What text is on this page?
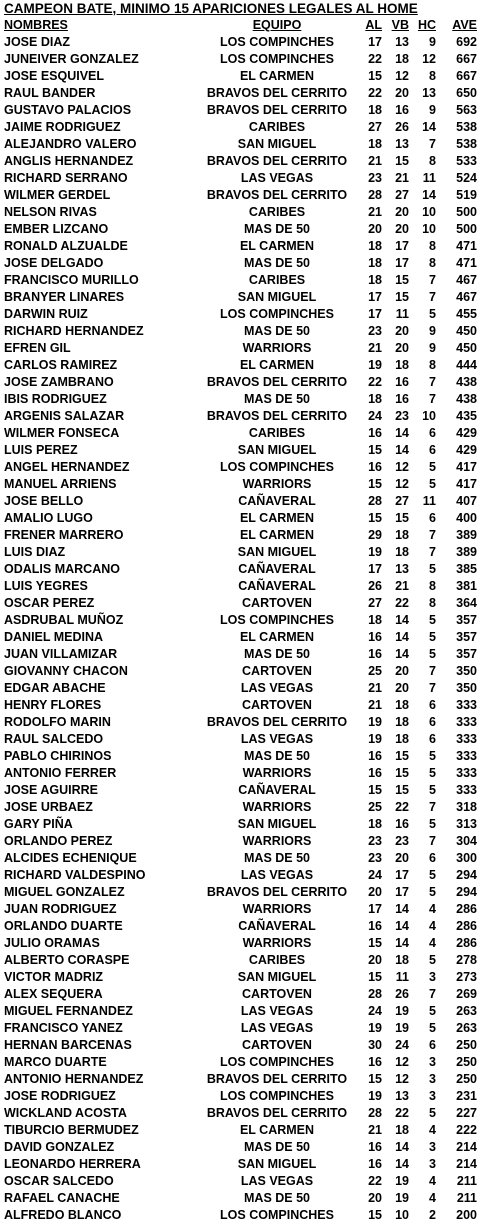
CAMPEON BATE, MINIMO 15 APARICIONES LEGALES AL HOME
NOMBRES	EQUIPO	AL	VB	HC	AVE
JOSE DIAZ	LOS COMPINCHES	17	13	9	692
JUNEIVER GONZALEZ	LOS COMPINCHES	22	18	12	667
JOSE ESQUIVEL	EL CARMEN	15	12	8	667
RAUL BANDER	BRAVOS DEL CERRITO	22	20	13	650
GUSTAVO PALACIOS	BRAVOS DEL CERRITO	18	16	9	563
JAIME RODRIGUEZ	CARIBES	27	26	14	538
ALEJANDRO VALERO	SAN MIGUEL	18	13	7	538
ANGLIS HERNANDEZ	BRAVOS DEL CERRITO	21	15	8	533
RICHARD SERRANO	LAS VEGAS	23	21	11	524
WILMER GERDEL	BRAVOS DEL CERRITO	28	27	14	519
NELSON RIVAS	CARIBES	21	20	10	500
EMBER LIZCANO	MAS DE 50	20	20	10	500
RONALD ALZUALDE	EL CARMEN	18	17	8	471
JOSE DELGADO	MAS DE 50	18	17	8	471
FRANCISCO MURILLO	CARIBES	18	15	7	467
BRANYER LINARES	SAN MIGUEL	17	15	7	467
DARWIN RUIZ	LOS COMPINCHES	17	11	5	455
RICHARD HERNANDEZ	MAS DE 50	23	20	9	450
EFREN GIL	WARRIORS	21	20	9	450
CARLOS RAMIREZ	EL CARMEN	19	18	8	444
JOSE ZAMBRANO	BRAVOS DEL CERRITO	22	16	7	438
IBIS RODRIGUEZ	MAS DE 50	18	16	7	438
ARGENIS SALAZAR	BRAVOS DEL CERRITO	24	23	10	435
WILMER FONSECA	CARIBES	16	14	6	429
LUIS PEREZ	SAN MIGUEL	15	14	6	429
ANGEL HERNANDEZ	LOS COMPINCHES	16	12	5	417
MANUEL ARRIENS	WARRIORS	15	12	5	417
JOSE BELLO	CAÑAVERAL	28	27	11	407
AMALIO LUGO	EL CARMEN	15	15	6	400
FRENER MARRERO	EL CARMEN	29	18	7	389
LUIS DIAZ	SAN MIGUEL	19	18	7	389
ODALIS MARCANO	CAÑAVERAL	17	13	5	385
LUIS YEGRES	CAÑAVERAL	26	21	8	381
OSCAR PEREZ	CARTOVEN	27	22	8	364
ASDRUBAL MUÑOZ	LOS COMPINCHES	18	14	5	357
DANIEL MEDINA	EL CARMEN	16	14	5	357
JUAN VILLAMIZAR	MAS DE 50	16	14	5	357
GIOVANNY CHACON	CARTOVEN	25	20	7	350
EDGAR ABACHE	LAS VEGAS	21	20	7	350
HENRY FLORES	CARTOVEN	21	18	6	333
RODOLFO MARIN	BRAVOS DEL CERRITO	19	18	6	333
RAUL SALCEDO	LAS VEGAS	19	18	6	333
PABLO CHIRINOS	MAS DE 50	16	15	5	333
ANTONIO FERRER	WARRIORS	16	15	5	333
JOSE AGUIRRE	CAÑAVERAL	15	15	5	333
JOSE URBAEZ	WARRIORS	25	22	7	318
GARY PIÑA	SAN MIGUEL	18	16	5	313
ORLANDO PEREZ	WARRIORS	23	23	7	304
ALCIDES ECHENIQUE	MAS DE 50	23	20	6	300
RICHARD VALDESPINO	LAS VEGAS	24	17	5	294
MIGUEL GONZALEZ	BRAVOS DEL CERRITO	20	17	5	294
JUAN RODRIGUEZ	WARRIORS	17	14	4	286
ORLANDO DUARTE	CAÑAVERAL	16	14	4	286
JULIO ORAMAS	WARRIORS	15	14	4	286
ALBERTO CORASPE	CARIBES	20	18	5	278
VICTOR MADRIZ	SAN MIGUEL	15	11	3	273
ALEX SEQUERA	CARTOVEN	28	26	7	269
MIGUEL FERNANDEZ	LAS VEGAS	24	19	5	263
FRANCISCO YANEZ	LAS VEGAS	19	19	5	263
HERNAN BARCENAS	CARTOVEN	30	24	6	250
MARCO DUARTE	LOS COMPINCHES	16	12	3	250
ANTONIO HERNANDEZ	BRAVOS DEL CERRITO	15	12	3	250
JOSE RODRIGUEZ	LOS COMPINCHES	19	13	3	231
WICKLAND ACOSTA	BRAVOS DEL CERRITO	28	22	5	227
TIBURCIO BERMUDEZ	EL CARMEN	21	18	4	222
DAVID GONZALEZ	MAS DE 50	16	14	3	214
LEONARDO HERRERA	SAN MIGUEL	16	14	3	214
OSCAR SALCEDO	LAS VEGAS	22	19	4	211
RAFAEL CANACHE	MAS DE 50	20	19	4	211
ALFREDO BLANCO	LOS COMPINCHES	15	10	2	200
